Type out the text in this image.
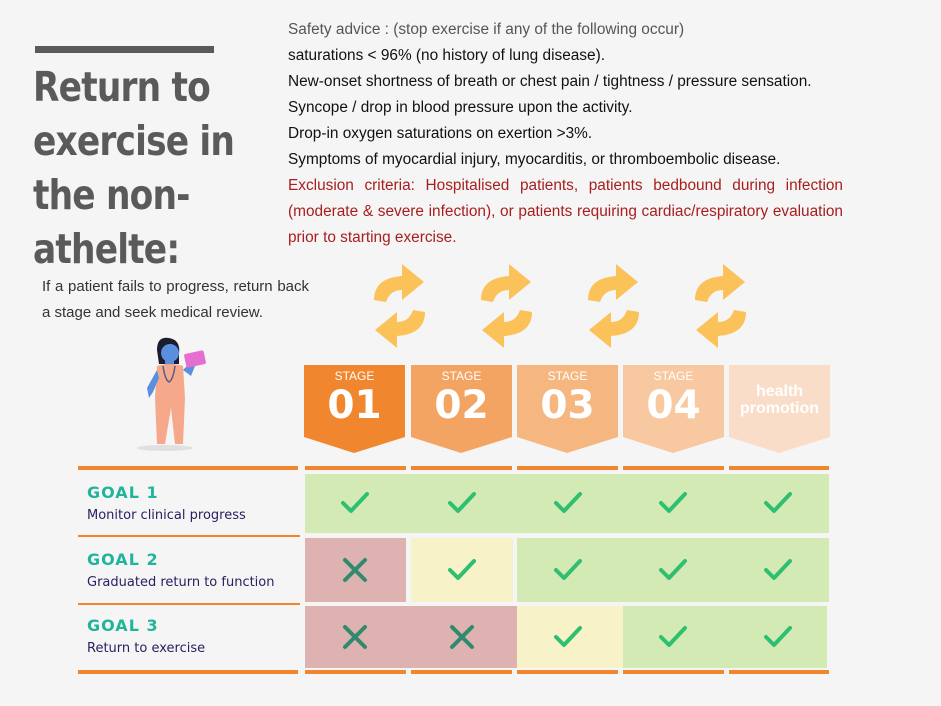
Return to exercise in the non-athelte:
Safety advice : (stop exercise if any of the following occur)
saturations < 96% (no history of lung disease).
New-onset shortness of breath or chest pain / tightness / pressure sensation.
Syncope / drop in blood pressure upon the activity.
Drop-in oxygen saturations on exertion >3%.
Symptoms of myocardial injury, myocarditis, or thromboembolic disease.
Exclusion criteria: Hospitalised patients, patients bedbound during infection (moderate & severe infection), or patients requiring cardiac/respiratory evaluation prior to starting exercise.
If a patient fails to progress, return back a stage and seek medical review.
STAGE
01
STAGE
02
STAGE
03
STAGE
04	health promotion
GOAL 1
Monitor clinical progress
GOAL 2
Graduated return to function
GOAL 3
Return to exercise
